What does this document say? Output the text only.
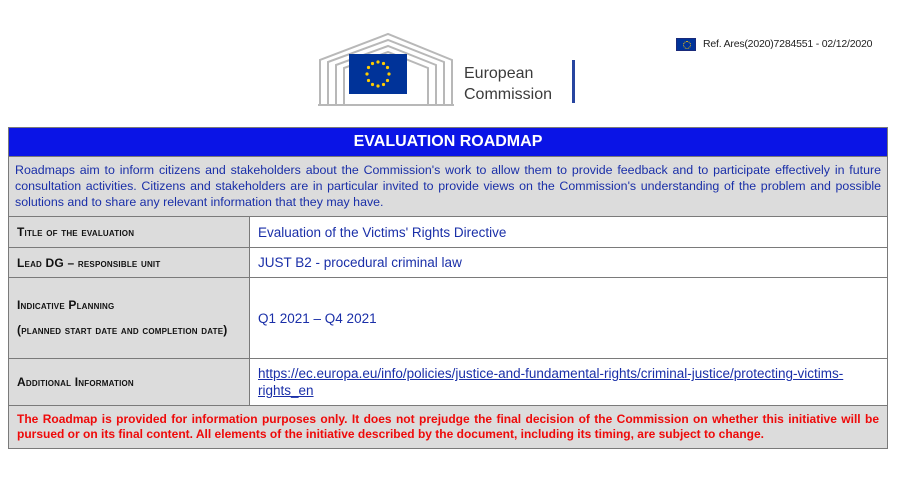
Ref. Ares(2020)7284551 - 02/12/2020
European
Commission
EVALUATION ROADMAP
Roadmaps aim to inform citizens and stakeholders about the Commission's work to allow them to provide feedback and to participate effectively in future consultation activities. Citizens and stakeholders are in particular invited to provide views on the Commission's understanding of the problem and possible solutions and to share any relevant information that they may have.
Title of the evaluation	Evaluation of the Victims' Rights Directive
Lead DG – responsible unit	JUST B2 - procedural criminal law
Indicative Planning
(planned start date and completion date)
Q1 2021 – Q4 2021
Additional Information
https://ec.europa.eu/info/policies/justice-and-fundamental-rights/criminal-justice/protecting-victims-rights_en
The Roadmap is provided for information purposes only. It does not prejudge the final decision of the Commission on whether this initiative will be pursued or on its final content. All elements of the initiative described by the document, including its timing, are subject to change.
